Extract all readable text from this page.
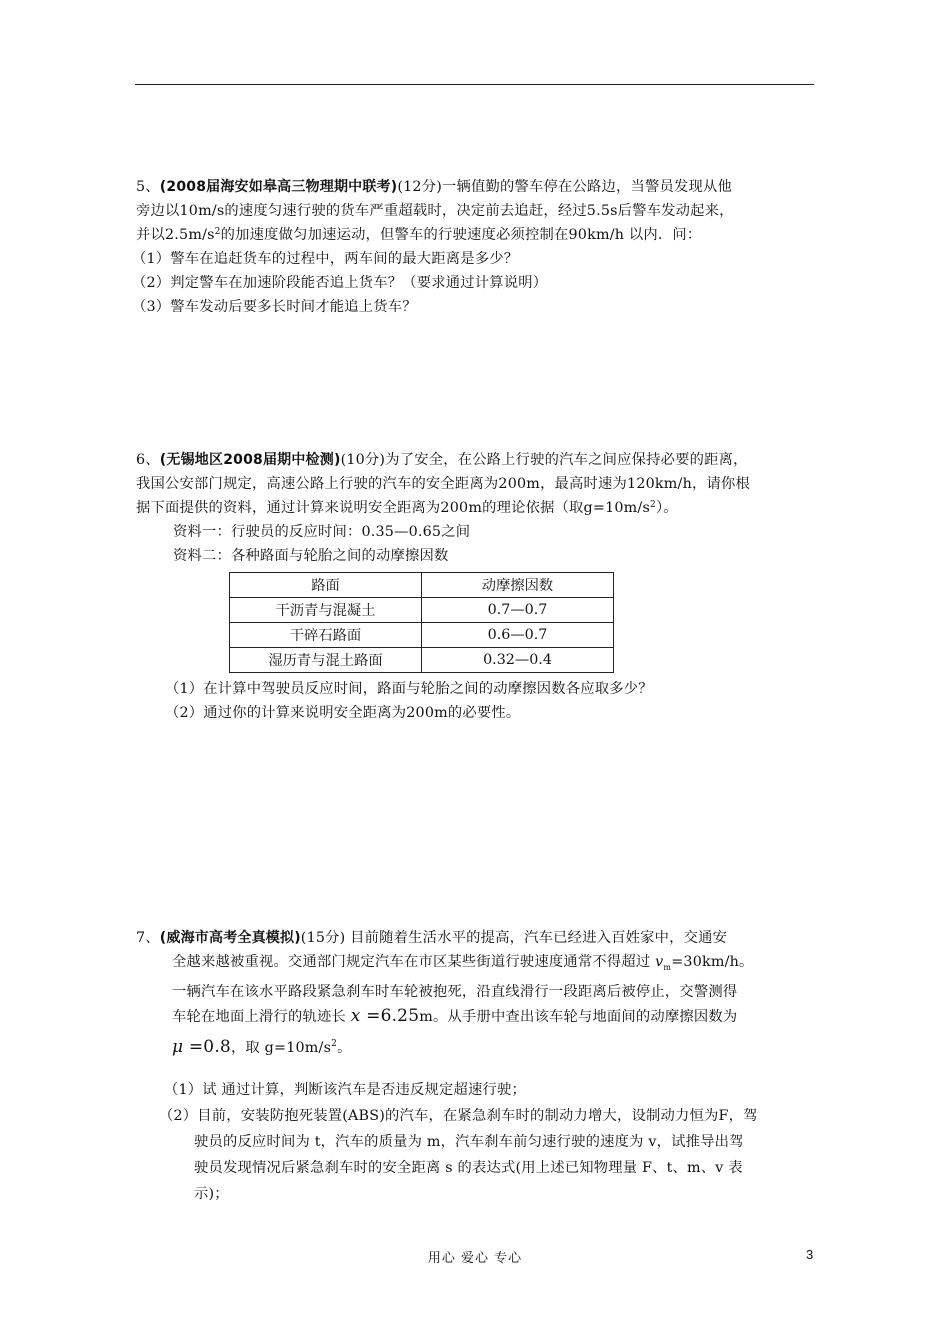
5、(2008届海安如皋高三物理期中联考)(12分)一辆值勤的警车停在公路边，当警员发现从他
旁边以10m/s的速度匀速行驶的货车严重超载时，决定前去追赶，经过5.5s后警车发动起来，
并以$2.5m/s^2$的加速度做匀加速运动，但警车的行驶速度必须控制在90km/h 以内．问：
（1）警车在追赶货车的过程中，两车间的最大距离是多少？
（2）判定警车在加速阶段能否追上货车？（要求通过计算说明）
（3）警车发动后要多长时间才能追上货车？
6、(无锡地区2008届期中检测)(10分)为了安全，在公路上行驶的汽车之间应保持必要的距离，
我国公安部门规定，高速公路上行驶的汽车的安全距离为200m，最高时速为120km/h，请你根
据下面提供的资料，通过计算来说明安全距离为200m的理论依据（取$g=10m/s^2$）。
资料一：行驶员的反应时间：0.35—0.65之间
资料二：各种路面与轮胎之间的动摩擦因数
路面	动摩擦因数
干沥青与混凝土	0.7—0.7
干碎石路面	0.6—0.7
湿历青与混土路面	0.32—0.4
（1）在计算中驾驶员反应时间，路面与轮胎之间的动摩擦因数各应取多少？
（2）通过你的计算来说明安全距离为200m的必要性。
7、(威海市高考全真模拟)(15分) 目前随着生活水平的提高，汽车已经进入百姓家中，交通安
全越来越被重视。交通部门规定汽车在市区某些街道行驶速度通常不得超过 $v_m=30km/h$。
一辆汽车在该水平路段紧急刹车时车轮被抱死，沿直线滑行一段距离后被停止，交警测得
车轮在地面上滑行的轨迹长 x =6.25m。从手册中查出该车轮与地面间的动摩擦因数为
μ =0.8，取 $g=10m/s^2$。
（1）试 通过计算，判断该汽车是否违反规定超速行驶；
（2）目前，安装防抱死装置(ABS)的汽车，在紧急刹车时的制动力增大，设制动力恒为F，驾
驶员的反应时间为 t，汽车的质量为 m，汽车刹车前匀速行驶的速度为 v，试推导出驾
驶员发现情况后紧急刹车时的安全距离 s 的表达式(用上述已知物理量 F、t、m、v 表
示)；
用心 爱心 专心	3
